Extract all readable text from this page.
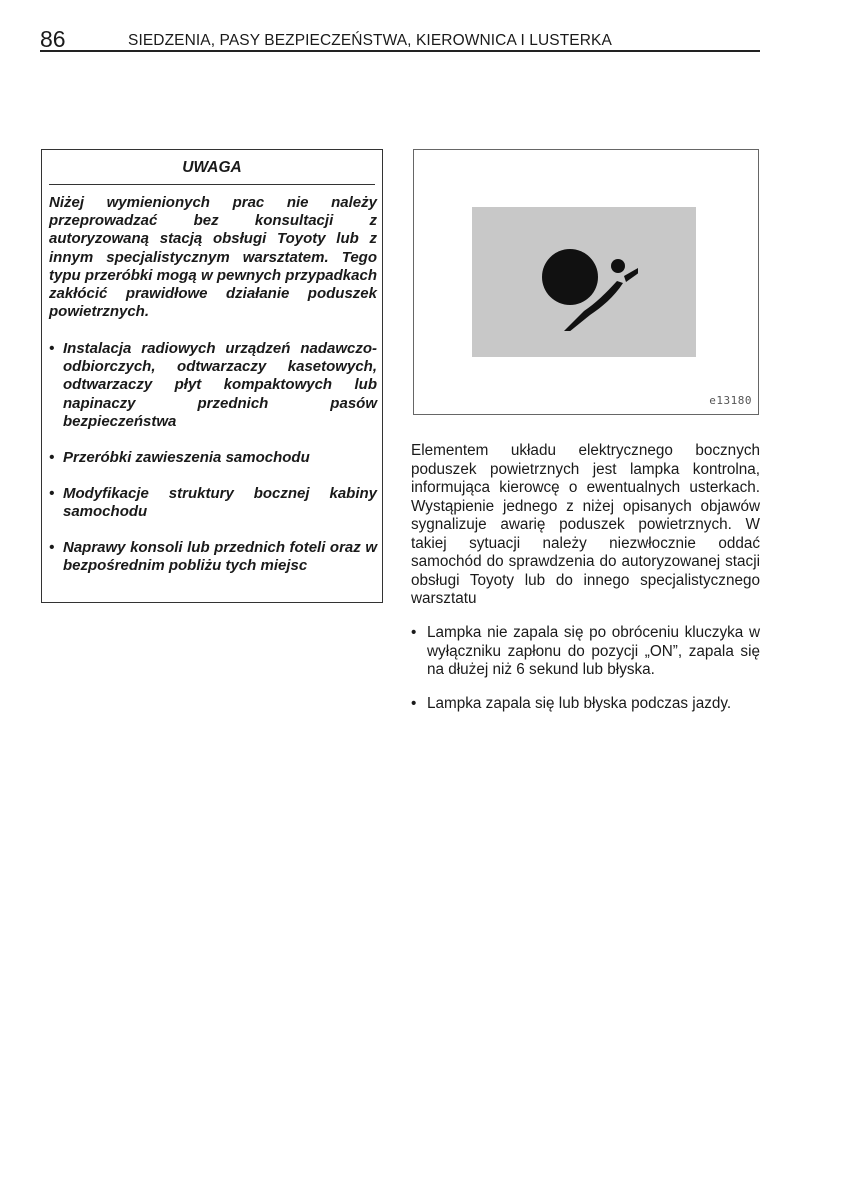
86	SIEDZENIA, PASY BEZPIECZEŃSTWA, KIEROWNICA I LUSTERKA
UWAGA
Niżej wymienionych prac nie należy przeprowadzać bez konsultacji z autoryzowaną stacją obsługi Toyoty lub z innym specjalistycznym warsztatem. Tego typu przeróbki mogą w pewnych przypadkach zakłócić prawidłowe działanie poduszek powietrznych.
• Instalacja radiowych urządzeń nadawczo-odbiorczych, odtwarzaczy kasetowych, odtwarzaczy płyt kompaktowych lub napinaczy przednich pasów bezpieczeństwa
• Przeróbki zawieszenia samochodu
• Modyfikacje struktury bocznej kabiny samochodu
• Naprawy konsoli lub przednich foteli oraz w bezpośrednim pobliżu tych miejsc
e13180
Elementem układu elektrycznego bocznych poduszek powietrznych jest lampka kontrolna, informująca kierowcę o ewentualnych usterkach. Wystąpienie jednego z niżej opisanych objawów sygnalizuje awarię poduszek powietrznych. W takiej sytuacji należy niezwłocznie oddać samochód do sprawdzenia do autoryzowanej stacji obsługi Toyoty lub do innego specjalistycznego warsztatu
• Lampka nie zapala się po obróceniu kluczyka w wyłączniku zapłonu do pozycji „ON”, zapala się na dłużej niż 6 sekund lub błyska.
• Lampka zapala się lub błyska podczas jazdy.
